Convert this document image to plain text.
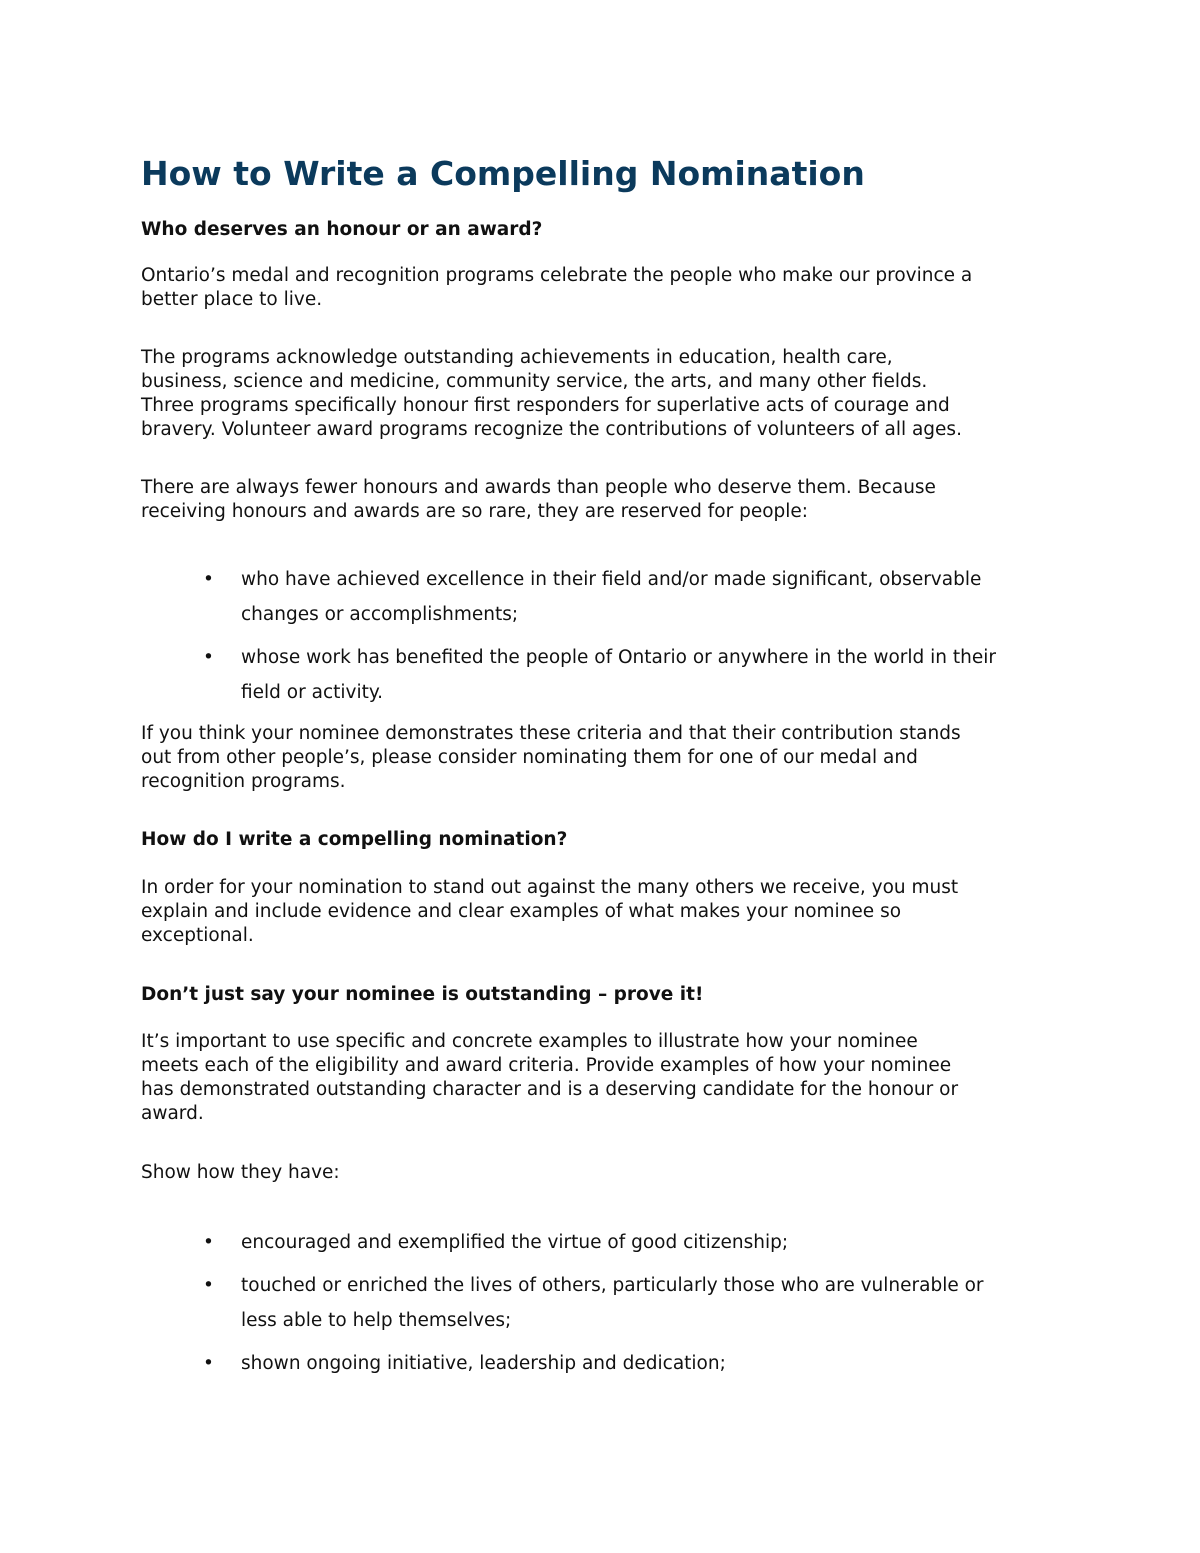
How to Write a Compelling Nomination
Who deserves an honour or an award?

Ontario’s medal and recognition programs celebrate the people who make our province a
better place to live.

The programs acknowledge outstanding achievements in education, health care,
business, science and medicine, community service, the arts, and many other fields.
Three programs specifically honour first responders for superlative acts of courage and
bravery. Volunteer award programs recognize the contributions of volunteers of all ages.

There are always fewer honours and awards than people who deserve them. Because
receiving honours and awards are so rare, they are reserved for people:

• who have achieved excellence in their field and/or made significant, observable
changes or accomplishments;
• whose work has benefited the people of Ontario or anywhere in the world in their
field or activity.

If you think your nominee demonstrates these criteria and that their contribution stands
out from other people’s, please consider nominating them for one of our medal and
recognition programs.

How do I write a compelling nomination?

In order for your nomination to stand out against the many others we receive, you must
explain and include evidence and clear examples of what makes your nominee so
exceptional.

Don’t just say your nominee is outstanding – prove it!

It’s important to use specific and concrete examples to illustrate how your nominee
meets each of the eligibility and award criteria. Provide examples of how your nominee
has demonstrated outstanding character and is a deserving candidate for the honour or
award.

Show how they have:

• encouraged and exemplified the virtue of good citizenship;
• touched or enriched the lives of others, particularly those who are vulnerable or
less able to help themselves;
• shown ongoing initiative, leadership and dedication;
